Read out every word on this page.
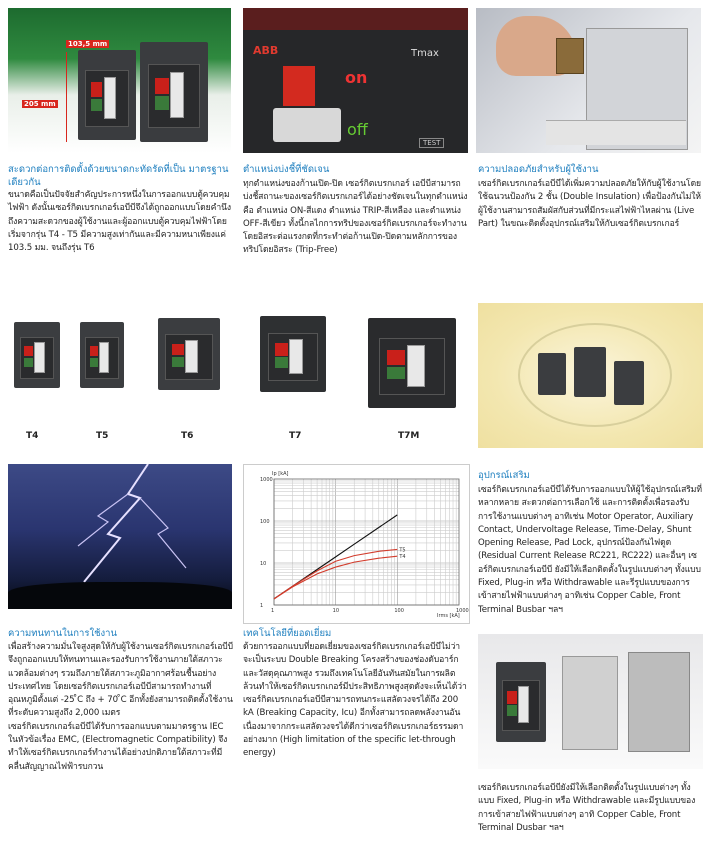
103,5 mm
205 mm
ABB	Tmax
on
off
TEST
สะดวกต่อการติดตั้งด้วยขนาดกะทัดรัดที่เป็น มาตรฐานเดียวกัน
ขนาดคือเป็นปัจจัยสำคัญประการหนึ่งในการออกแบบตู้ควบคุมไฟฟ้า ดังนั้นเซอร์กิตเบรกเกอร์เอบีบีจึงได้ถูกออกแบบโดยคำนึงถึงความสะดวกของผู้ใช้งานและผู้ออกแบบตู้ควบคุมไฟฟ้าโดยเริ่มจากรุ่น T4 - T5 มีความสูงเท่ากันและมีความหนาเพียงแค่ 103.5 มม. จนถึงรุ่น T6
ตำแหน่งบ่งชี้ที่ชัดเจน
ทุกตำแหน่งของก้านเปิด-ปิด เซอร์กิตเบรกเกอร์ เอบีบีสามารถบ่งชี้สถานะของเซอร์กิตเบรกเกอร์ได้อย่างชัดเจนในทุกตำแหน่ง คือ ตำแหน่ง ON-สีแดง ตำแหน่ง TRIP-สีเหลือง และตำแหน่ง OFF-สีเขียว ทั้งนี้กลไกการทริปของเซอร์กิตเบรกเกอร์จะทำงานโดยอิสระต่อแรงกดที่กระทำต่อก้านเปิด-ปิดตามหลักการของทริปโดยอิสระ (Trip-Free)
ความปลอดภัยสำหรับผู้ใช้งาน
เซอร์กิตเบรกเกอร์เอบีบีได้เพิ่มความปลอดภัยให้กับผู้ใช้งานโดยใช้ฉนวนป้องกัน 2 ชั้น (Double Insulation) เพื่อป้องกันไม่ให้ผู้ใช้งานสามารถสัมผัสกับส่วนที่มีกระแสไฟฟ้าไหลผ่าน (Live Part) ในขณะติดตั้งอุปกรณ์เสริมให้กับเซอร์กิตเบรกเกอร์
T4	T5	T6	T7	T7M
Ip [kA]
Irms [kA]
1
1
10
10
100
100
1000
1000
T5
T4
อุปกรณ์เสริม
เซอร์กิตเบรกเกอร์เอบีบีได้รับการออกแบบให้ผู้ใช้อุปกรณ์เสริมที่หลากหลาย สะดวกต่อการเลือกใช้ และการติดตั้งเพื่อรองรับการใช้งานแบบต่างๆ อาทิเช่น Motor Operator, Auxiliary Contact, Undervoltage Release, Time-Delay, Shunt Opening Release, Pad Lock, อุปกรณ์ป้องกันไฟดูด (Residual Current Release RC221, RC222) และอื่นๆ เซอร์กิตเบรกเกอร์เอบีบี ยังมีให้เลือกติดตั้งในรูปแบบต่างๆ ทั้งแบบ Fixed, Plug-in หรือ Withdrawable และรีรูปแบบของการเข้าสายไฟฟ้าแบบต่างๆ อาทิเช่น Copper Cable, Front Terminal Busbar ฯลฯ
ความทนทานในการใช้งาน
เพื่อสร้างความมั่นใจสูงสุดให้กับผู้ใช้งานเซอร์กิตเบรกเกอร์เอบีบีจึงถูกออกแบบให้ทนทานและรองรับการใช้งานภายใต้สภาวะแวดล้อมต่างๆ รวมถึงภายใต้สภาวะภูมิอากาศร้อนชื้นอย่างประเทศไทย โดยเซอร์กิตเบรกเกอร์เอบีบีสามารถทำงานที่อุณหภูมิตั้งแต่ -25 ̊C ถึง + 70 ̊C อีกทั้งยังสามารถติดตั้งใช้งานที่ระดับความสูงถึง 2,000 เมตร
เซอร์กิตเบรกเกอร์เอบีบีได้รับการออกแบบตามมาตรฐาน IEC ในหัวข้อเรื่อง EMC, (Electromagnetic Compatibility) จึงทำให้เซอร์กิตเบรกเกอร์ทำงานได้อย่างปกติภายใต้สภาวะที่มีคลื่นสัญญาณไฟฟ้ารบกวน
เทคโนโลยีที่ยอดเยี่ยม
ด้วยการออกแบบที่ยอดเยี่ยมของเซอร์กิตเบรกเกอร์เอบีบีไม่ว่าจะเป็นระบบ Double Breaking โครงสร้างของช่องดับอาร์กและวัสดุคุณภาพสูง รวมถึงเทคโนโลยีอันทันสมัยในการผลิตล้วนทำให้เซอร์กิตเบรกเกอร์มีประสิทธิภาพสูงสุดดังจะเห็นได้ว่า เซอร์กิตเบรกเกอร์เอบีบีสามารถทนกระแสลัดวงจรได้ถึง 200 kA (Breaking Capacity, Icu) อีกทั้งสามารถลดพลังงานอันเนื่องมาจากกระแสลัดวงจรได้ดีกว่าเซอร์กิตเบรกเกอร์ธรรมดาอย่างมาก (High limitation of the specific let-through energy)
เซอร์กิตเบรกเกอร์เอบีบียังมีให้เลือกติดตั้งในรูปแบบต่างๆ ทั้งแบบ Fixed, Plug-in หรือ Withdrawable และมีรูปแบบของการเข้าสายไฟฟ้าแบบต่างๆ อาทิ Copper Cable, Front Terminal Dusbar ฯลฯ
